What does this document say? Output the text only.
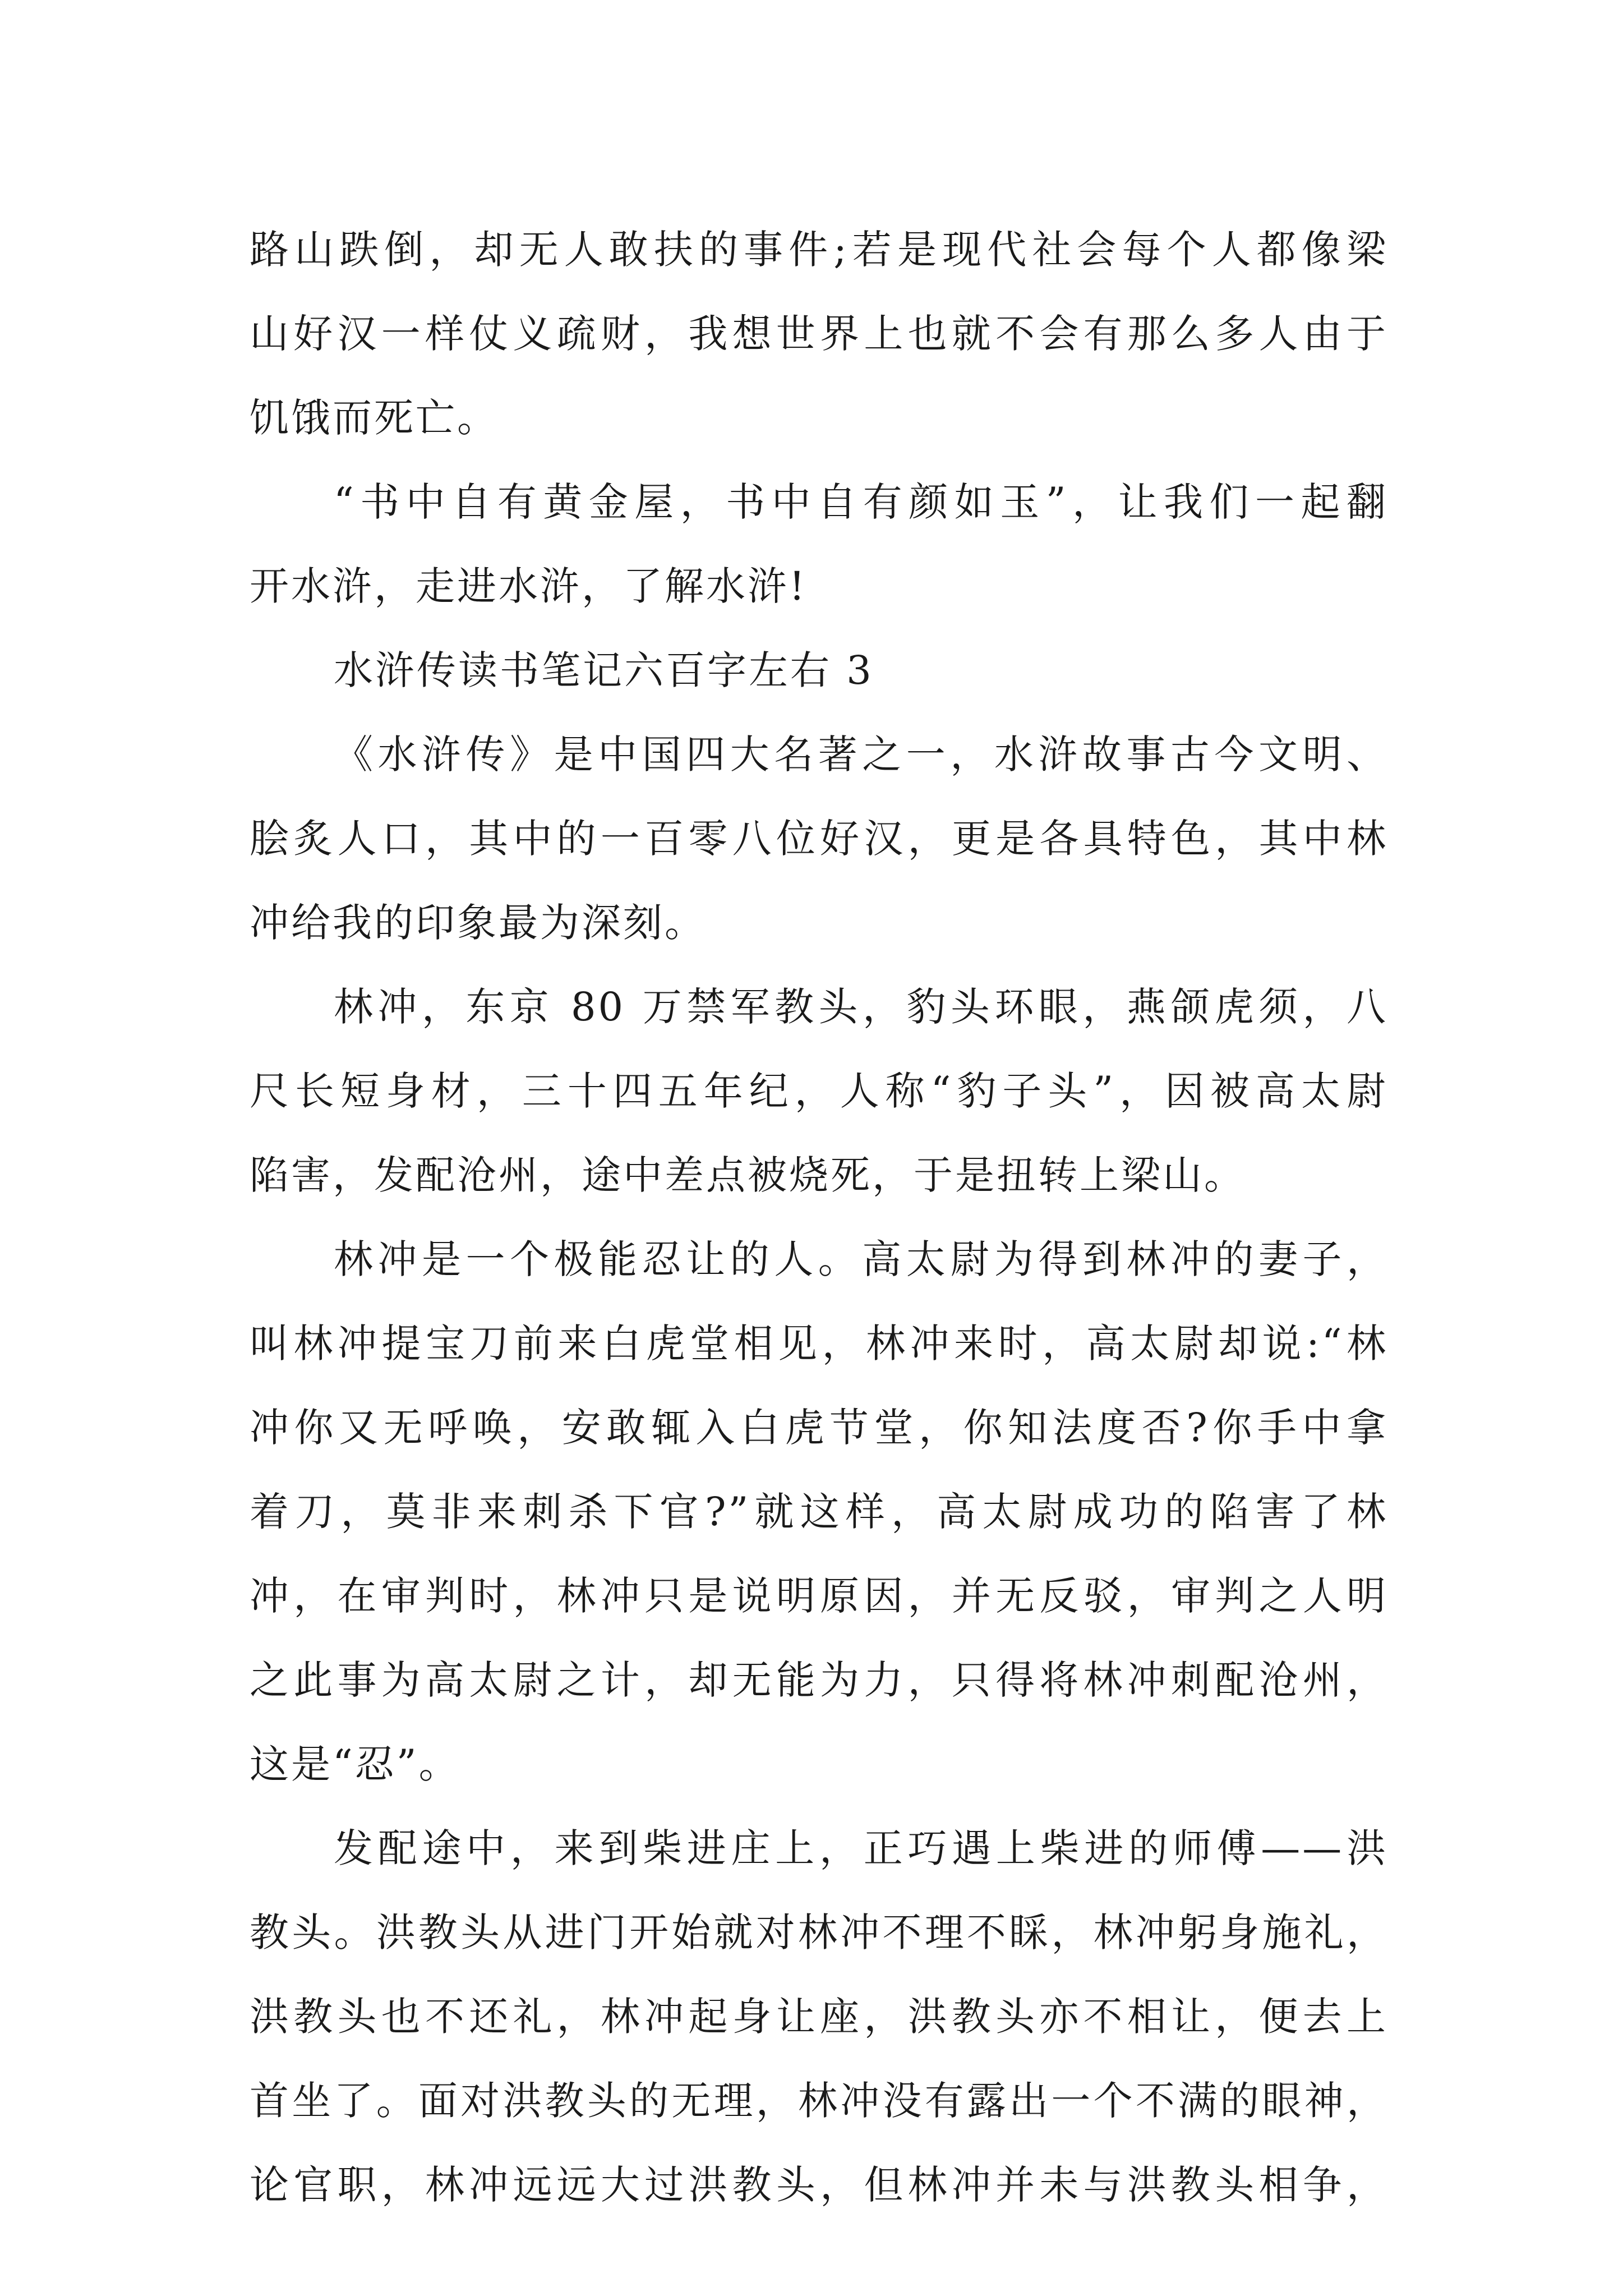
路山跌倒，却无人敢扶的事件;若是现代社会每个人都像梁
山好汉一样仗义疏财，我想世界上也就不会有那么多人由于
饥饿而死亡。
“书中自有黄金屋，书中自有颜如玉”，让我们一起翻
开水浒，走进水浒，了解水浒!
水浒传读书笔记六百字左右 3
《水浒传》是中国四大名著之一，水浒故事古今文明、
脍炙人口，其中的一百零八位好汉，更是各具特色，其中林
冲给我的印象最为深刻。
林冲，东京 80 万禁军教头，豹头环眼，燕颌虎须，八
尺长短身材，三十四五年纪，人称“豹子头”，因被高太尉
陷害，发配沧州，途中差点被烧死，于是扭转上梁山。
林冲是一个极能忍让的人。高太尉为得到林冲的妻子，
叫林冲提宝刀前来白虎堂相见，林冲来时，高太尉却说:“林
冲你又无呼唤，安敢辄入白虎节堂，你知法度否?你手中拿
着刀，莫非来刺杀下官?”就这样，高太尉成功的陷害了林
冲，在审判时，林冲只是说明原因，并无反驳，审判之人明
之此事为高太尉之计，却无能为力，只得将林冲刺配沧州，
这是“忍”。
发配途中，来到柴进庄上，正巧遇上柴进的师傅——洪
教头。洪教头从进门开始就对林冲不理不睬，林冲躬身施礼，
洪教头也不还礼，林冲起身让座，洪教头亦不相让，便去上
首坐了。面对洪教头的无理，林冲没有露出一个不满的眼神，
论官职，林冲远远大过洪教头，但林冲并未与洪教头相争，
